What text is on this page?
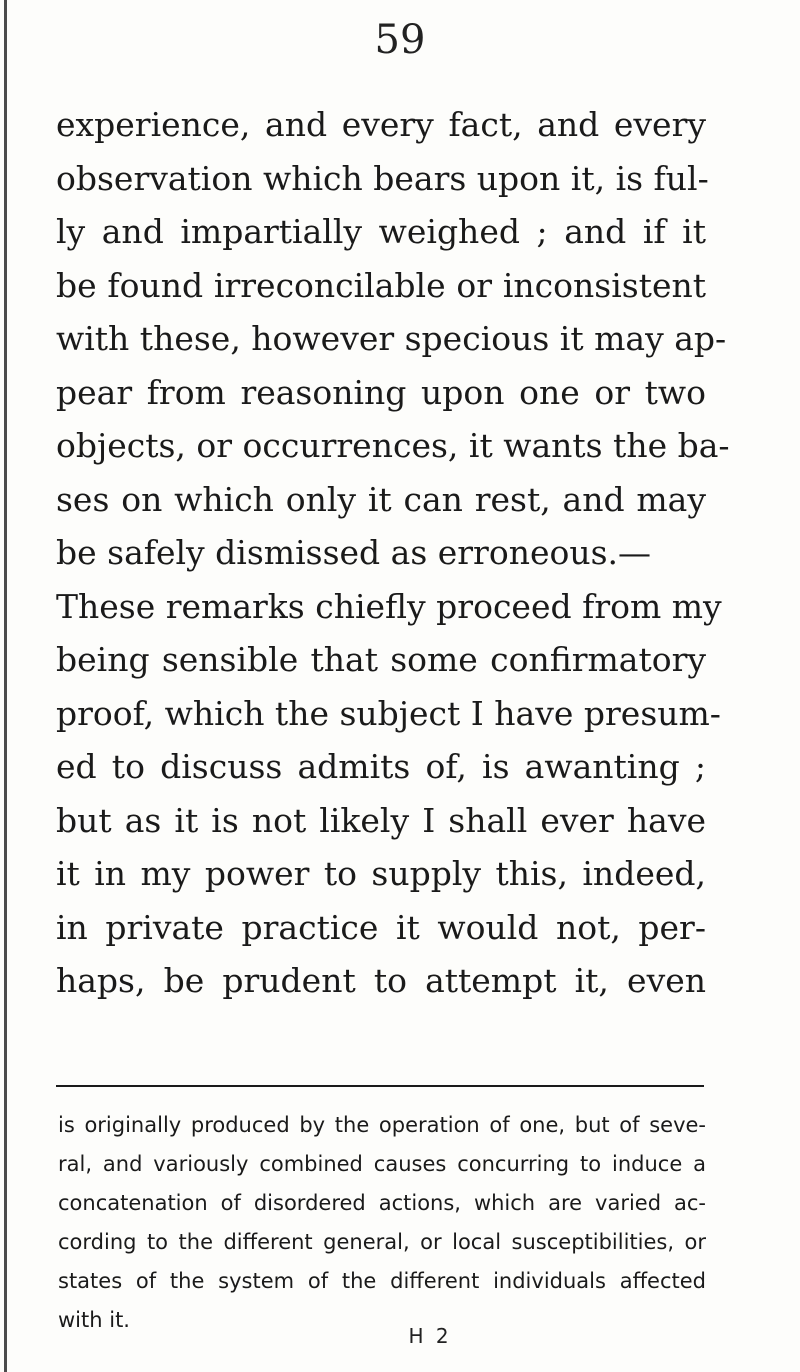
59
experience, and every fact, and every
observation which bears upon it, is ful-
ly and impartially weighed ; and if it
be found irreconcilable or inconsistent
with these, however specious it may ap-
pear from reasoning upon one or two
objects, or occurrences, it wants the ba-
ses on which only it can rest, and may
be safely dismissed as erroneous.—
These remarks chiefly proceed from my
being sensible that some confirmatory
proof, which the subject I have presum-
ed to discuss admits of, is awanting ;
but as it is not likely I shall ever have
it in my power to supply this, indeed,
in private practice it would not, per-
haps, be prudent to attempt it, even
is originally produced by the operation of one, but of seve-
ral, and variously combined causes concurring to induce a
concatenation of disordered actions, which are varied ac-
cording to the different general, or local susceptibilities, or
states of the system of the different individuals affected
with it.
H 2
